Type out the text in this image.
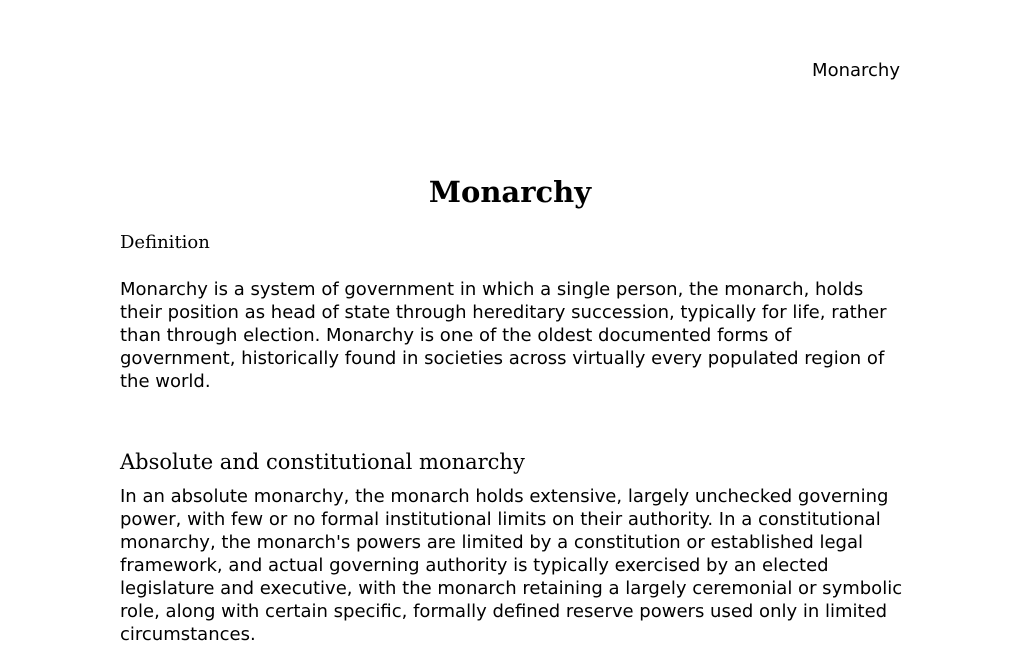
Monarchy
Monarchy
Definition

Monarchy is a system of government in which a single person, the monarch, holds their position as head of state through hereditary succession, typically for life, rather than through election. Monarchy is one of the oldest documented forms of government, historically found in societies across virtually every populated region of the world.

Absolute and constitutional monarchy

In an absolute monarchy, the monarch holds extensive, largely unchecked governing power, with few or no formal institutional limits on their authority. In a constitutional monarchy, the monarch's powers are limited by a constitution or established legal framework, and actual governing authority is typically exercised by an elected legislature and executive, with the monarch retaining a largely ceremonial or symbolic role, along with certain specific, formally defined reserve powers used only in limited circumstances.
